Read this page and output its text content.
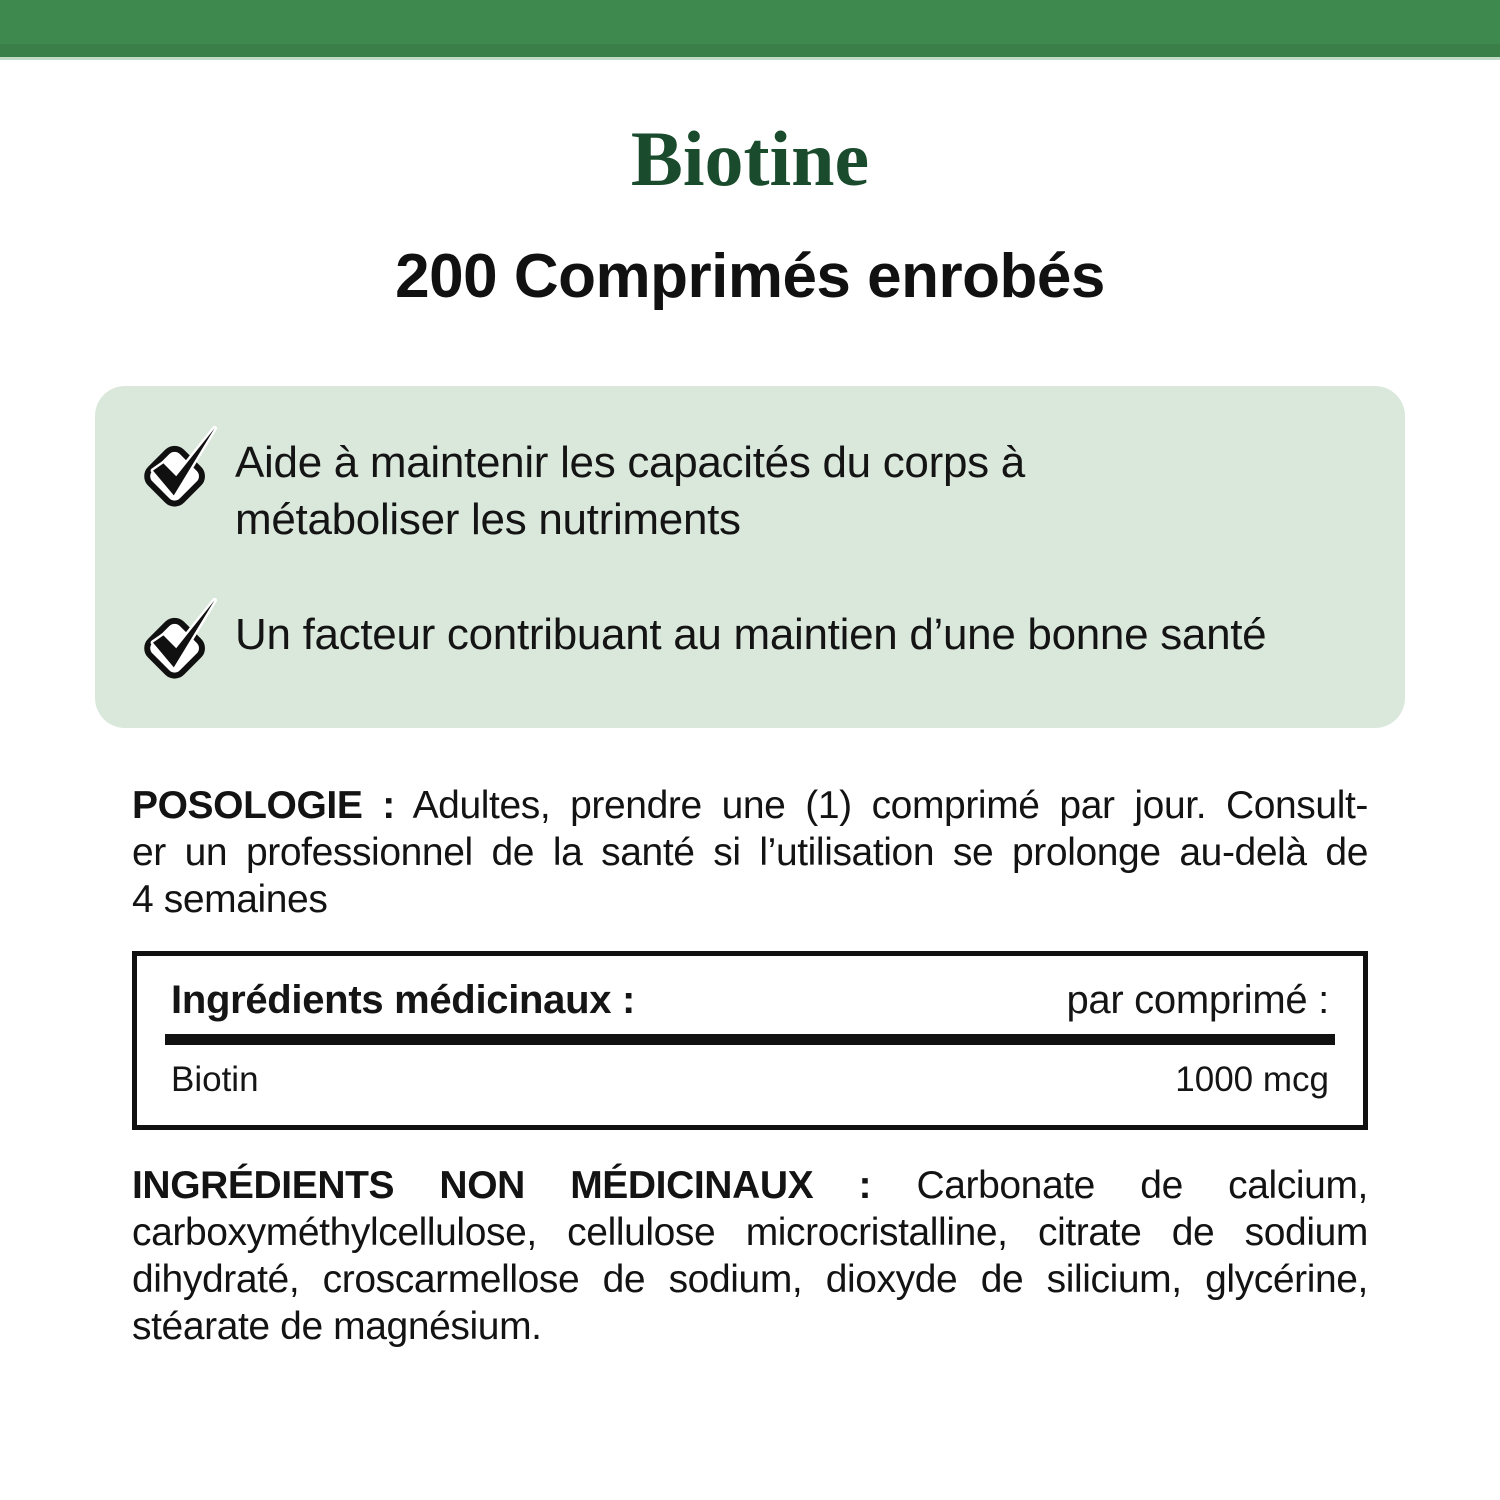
Biotine
200 Comprimés enrobés
Aide à maintenir les capacités du corps à
métaboliser les nutriments
Un facteur contribuant au maintien d’une bonne santé

POSOLOGIE : Adultes, prendre une (1) comprimé par jour. Consult-
er un professionnel de la santé si l’utilisation se prolonge au-delà de
4 semaines

Ingrédients médicinaux :	par comprimé :
Biotin	1000 mcg

INGRÉDIENTS NON MÉDICINAUX : Carbonate de calcium,
carboxyméthylcellulose, cellulose microcristalline, citrate de sodium
dihydraté, croscarmellose de sodium, dioxyde de silicium, glycérine,
stéarate de magnésium.
